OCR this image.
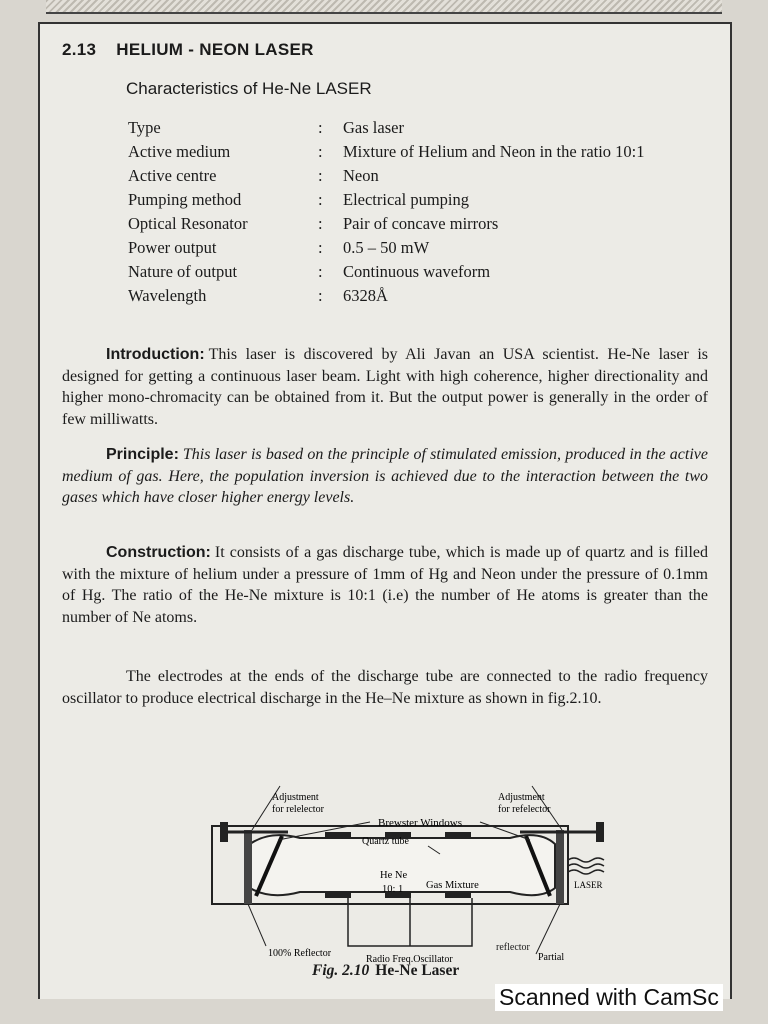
2.13 HELIUM - NEON LASER
Characteristics of He-Ne LASER
Type	:	Gas laser
Active medium	:	Mixture of Helium and Neon in the ratio 10:1
Active centre	:	Neon
Pumping method	:	Electrical pumping
Optical Resonator	:	Pair of concave mirrors
Power output	:	0.5 – 50 mW
Nature of output	:	Continuous waveform
Wavelength	:	6328Å
Introduction: This laser is discovered by Ali Javan an USA scientist. He-Ne laser is designed for getting a continuous laser beam. Light with high coherence, higher directionality and higher mono-chromacity can be obtained from it. But the output power is generally in the order of few milliwatts.
Principle: This laser is based on the principle of stimulated emission, produced in the active medium of gas. Here, the population inversion is achieved due to the interaction between the two gases which have closer higher energy levels.
Construction: It consists of a gas discharge tube, which is made up of quartz and is filled with the mixture of helium under a pressure of 1mm of Hg and Neon under the pressure of 0.1mm of Hg. The ratio of the He-Ne mixture is 10:1 (i.e) the number of He atoms is greater than the number of Ne atoms.
The electrodes at the ends of the discharge tube are connected to the radio frequency oscillator to produce electrical discharge in the He–Ne mixture as shown in fig.2.10.
Adjustment
for relelector
Adjustment
for refelector
Brewster Windows
Quartz tube
He Ne
10: 1 Gas Mixture	LASER
100% Reflector
Radio Freq.Oscillator	Partial
Fig. 2.10 He-Ne Laser
reflector
Scanned with CamSc
